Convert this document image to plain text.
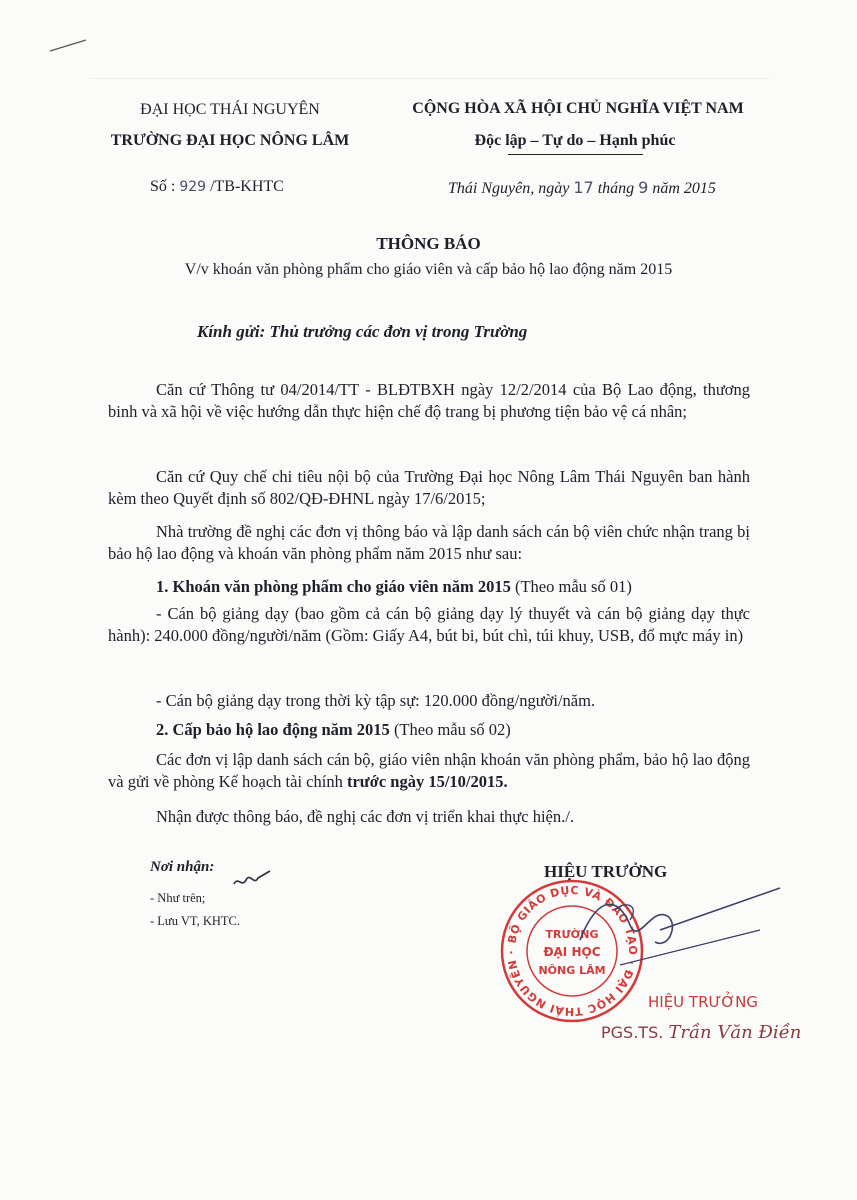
ĐẠI HỌC THÁI NGUYÊN
TRƯỜNG ĐẠI HỌC NÔNG LÂM
Số : 929 /TB-KHTC
CỘNG HÒA XÃ HỘI CHỦ NGHĨA VIỆT NAM
Độc lập – Tự do – Hạnh phúc
Thái Nguyên, ngày 17 tháng 9 năm 2015
THÔNG BÁO
V/v khoán văn phòng phẩm cho giáo viên và cấp bảo hộ lao động năm 2015
Kính gửi: Thủ trưởng các đơn vị trong Trường
Căn cứ Thông tư 04/2014/TT - BLĐTBXH ngày 12/2/2014 của Bộ Lao động, thương binh và xã hội về việc hướng dẫn thực hiện chế độ trang bị phương tiện bảo vệ cá nhân;
Căn cứ Quy chế chi tiêu nội bộ của Trường Đại học Nông Lâm Thái Nguyên ban hành kèm theo Quyết định số 802/QĐ-ĐHNL ngày 17/6/2015;
Nhà trường đề nghị các đơn vị thông báo và lập danh sách cán bộ viên chức nhận trang bị bảo hộ lao động và khoán văn phòng phẩm năm 2015 như sau:
1. Khoán văn phòng phẩm cho giáo viên năm 2015 (Theo mẫu số 01)
- Cán bộ giảng dạy (bao gồm cả cán bộ giảng dạy lý thuyết và cán bộ giảng dạy thực hành): 240.000 đồng/người/năm (Gồm: Giấy A4, bút bi, bút chì, túi khuy, USB, đổ mực máy in)
- Cán bộ giảng dạy trong thời kỳ tập sự: 120.000 đồng/người/năm.
2. Cấp bảo hộ lao động năm 2015 (Theo mẫu số 02)
Các đơn vị lập danh sách cán bộ, giáo viên nhận khoán văn phòng phẩm, bảo hộ lao động và gửi về phòng Kế hoạch tài chính trước ngày 15/10/2015.
Nhận được thông báo, đề nghị các đơn vị triển khai thực hiện./.
Nơi nhận:
- Như trên;
- Lưu VT, KHTC.
HIỆU TRƯỞNG
BỘ GIÁO DỤC VÀ ĐÀO TẠO · ĐẠI HỌC THÁI NGUYÊN ·
TRƯỜNG
ĐẠI HỌC
NÔNG LÂM
HIỆU TRƯỞNG
PGS.TS. Trần Văn Điền
